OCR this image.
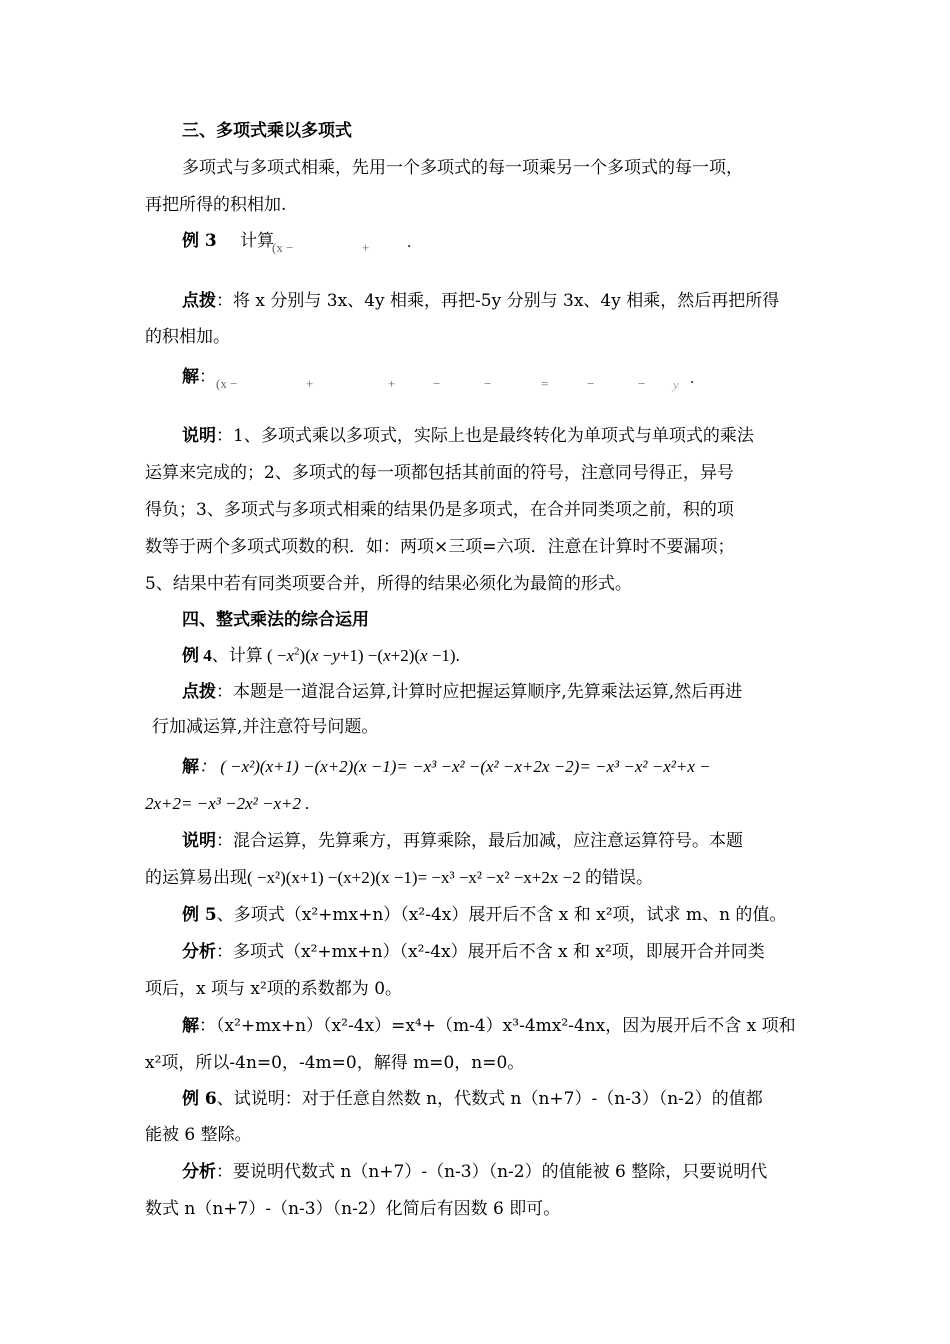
三、多项式乘以多项式
多项式与多项式相乘，先用一个多项式的每一项乘另一个多项式的每一项，
再把所得的积相加.
例 3 计算
(x −	+ .
点拨：将 x 分别与 3x、4y 相乘，再把-5y 分别与 3x、4y 相乘，然后再把所得
的积相加。
解： (x −	+	+	−	−	=	−	− y .
说明：1、多项式乘以多项式，实际上也是最终转化为单项式与单项式的乘法
运算来完成的；2、多项式的每一项都包括其前面的符号，注意同号得正，异号
得负；3、多项式与多项式相乘的结果仍是多项式，在合并同类项之前，积的项
数等于两个多项式项数的积．如：两项×三项=六项．注意在计算时不要漏项；
5、结果中若有同类项要合并，所得的结果必须化为最简的形式。
四、整式乘法的综合运用
例 4、计算 ( $-x^2)(x -y+1) -(x+2)(x -1)$.
点拨：本题是一道混合运算,计算时应把握运算顺序,先算乘法运算,然后再进
行加减运算,并注意符号问题。
解： ( −x²)(x+1) −(x+2)(x −1)= −x³ −x² −(x² −x+2x −2)= −x³ −x² −x²+x −
2x+2= −x³ −2x² −x+2 .
说明：混合运算，先算乘方，再算乘除，最后加减，应注意运算符号。本题
的运算易出现( −x²)(x+1) −(x+2)(x −1)= −x³ −x² −x² −x+2x −2 的错误。
例 5、多项式（x²+mx+n）（x²-4x）展开后不含 x 和 x²项，试求 m、n 的值。
分析：多项式（x²+mx+n）（x²-4x）展开后不含 x 和 x²项，即展开合并同类
项后，x 项与 x²项的系数都为 0。
解：（x²+mx+n）（x²-4x）=x⁴+（m-4）x³-4mx²-4nx，因为展开后不含 x 项和
x²项，所以-4n=0，-4m=0，解得 m=0，n=0。
例 6、试说明：对于任意自然数 n，代数式 n（n+7）-（n-3）（n-2）的值都
能被 6 整除。
分析：要说明代数式 n（n+7）-（n-3）（n-2）的值能被 6 整除，只要说明代
数式 n（n+7）-（n-3）（n-2）化简后有因数 6 即可。
